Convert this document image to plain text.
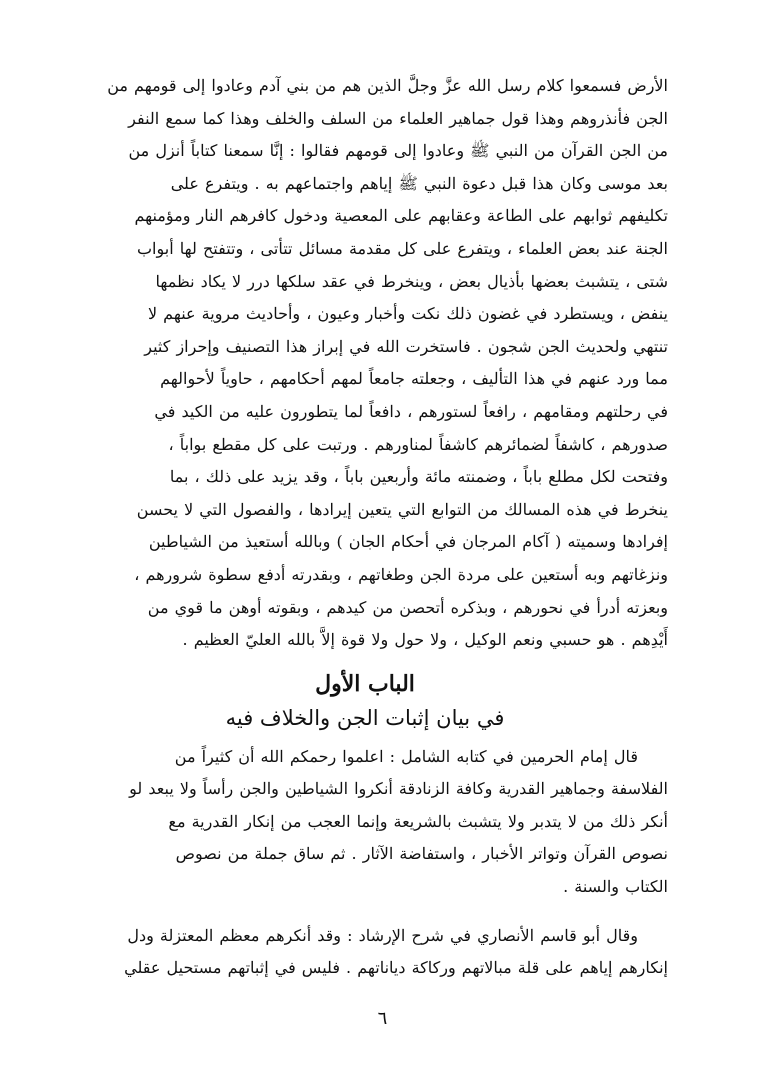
الأرض فسمعوا كلام رسل الله عزَّ وجلَّ الذين هم من بني آدم وعادوا إلى قومهم من

الجن فأنذروهم وهذا قول جماهير العلماء من السلف والخلف وهذا كما سمع النفر

من الجن القرآن من النبي ﷺ وعادوا إلى قومهم فقالوا : إنَّا سمعنا كتاباً أنزل من

بعد موسى وكان هذا قبل دعوة النبي ﷺ إياهم واجتماعهم به . ويتفرع على

تكليفهم ثوابهم على الطاعة وعقابهم على المعصية ودخول كافرهم النار ومؤمنهم

الجنة عند بعض العلماء ، ويتفرع على كل مقدمة مسائل تتأتى ، وتتفتح لها أبواب

شتى ، يتشبث بعضها بأذيال بعض ، وينخرط في عقد سلكها درر لا يكاد نظمها

ينفض ، ويستطرد في غضون ذلك نكت وأخبار وعيون ، وأحاديث مروية عنهم لا

تنتهي ولحديث الجن شجون . فاستخرت الله في إبراز هذا التصنيف وإحراز كثير

مما ورد عنهم في هذا التأليف ، وجعلته جامعاً لمهم أحكامهم ، حاوياً لأحوالهم

في رحلتهم ومقامهم ، رافعاً لستورهم ، دافعاً لما يتطورون عليه من الكيد في

صدورهم ، كاشفاً لضمائرهم كاشفاً لمناورهم . ورتبت على كل مقطع بواباً ،

وفتحت لكل مطلع باباً ، وضمنته مائة وأربعين باباً ، وقد يزيد على ذلك ، بما

ينخرط في هذه المسالك من التوابع التي يتعين إيرادها ، والفصول التي لا يحسن

إفرادها وسميته ( آكام المرجان في أحكام الجان ) وبالله أستعيذ من الشياطين

ونزغاتهم وبه أستعين على مردة الجن وطغاتهم ، وبقدرته أدفع سطوة شرورهم ،

وبعزته أدرأ في نحورهم ، وبذكره أتحصن من كيدهم ، وبقوته أوهن ما قوي من

أَيْدِهم . هو حسبي ونعم الوكيل ، ولا حول ولا قوة إلاَّ بالله العليّ العظيم .

الباب الأول
في بيان إثبات الجن والخلاف فيه

قال إمام الحرمين في كتابه الشامل : اعلموا رحمكم الله أن كثيراً من

الفلاسفة وجماهير القدرية وكافة الزنادقة أنكروا الشياطين والجن رأساً ولا يبعد لو

أنكر ذلك من لا يتدبر ولا يتشبث بالشريعة وإنما العجب من إنكار القدرية مع

نصوص القرآن وتواتر الأخبار ، واستفاضة الآثار . ثم ساق جملة من نصوص

الكتاب والسنة .

وقال أبو قاسم الأنصاري في شرح الإرشاد : وقد أنكرهم معظم المعتزلة ودل

إنكارهم إياهم على قلة مبالاتهم وركاكة دياناتهم . فليس في إثباتهم مستحيل عقلي

٦
